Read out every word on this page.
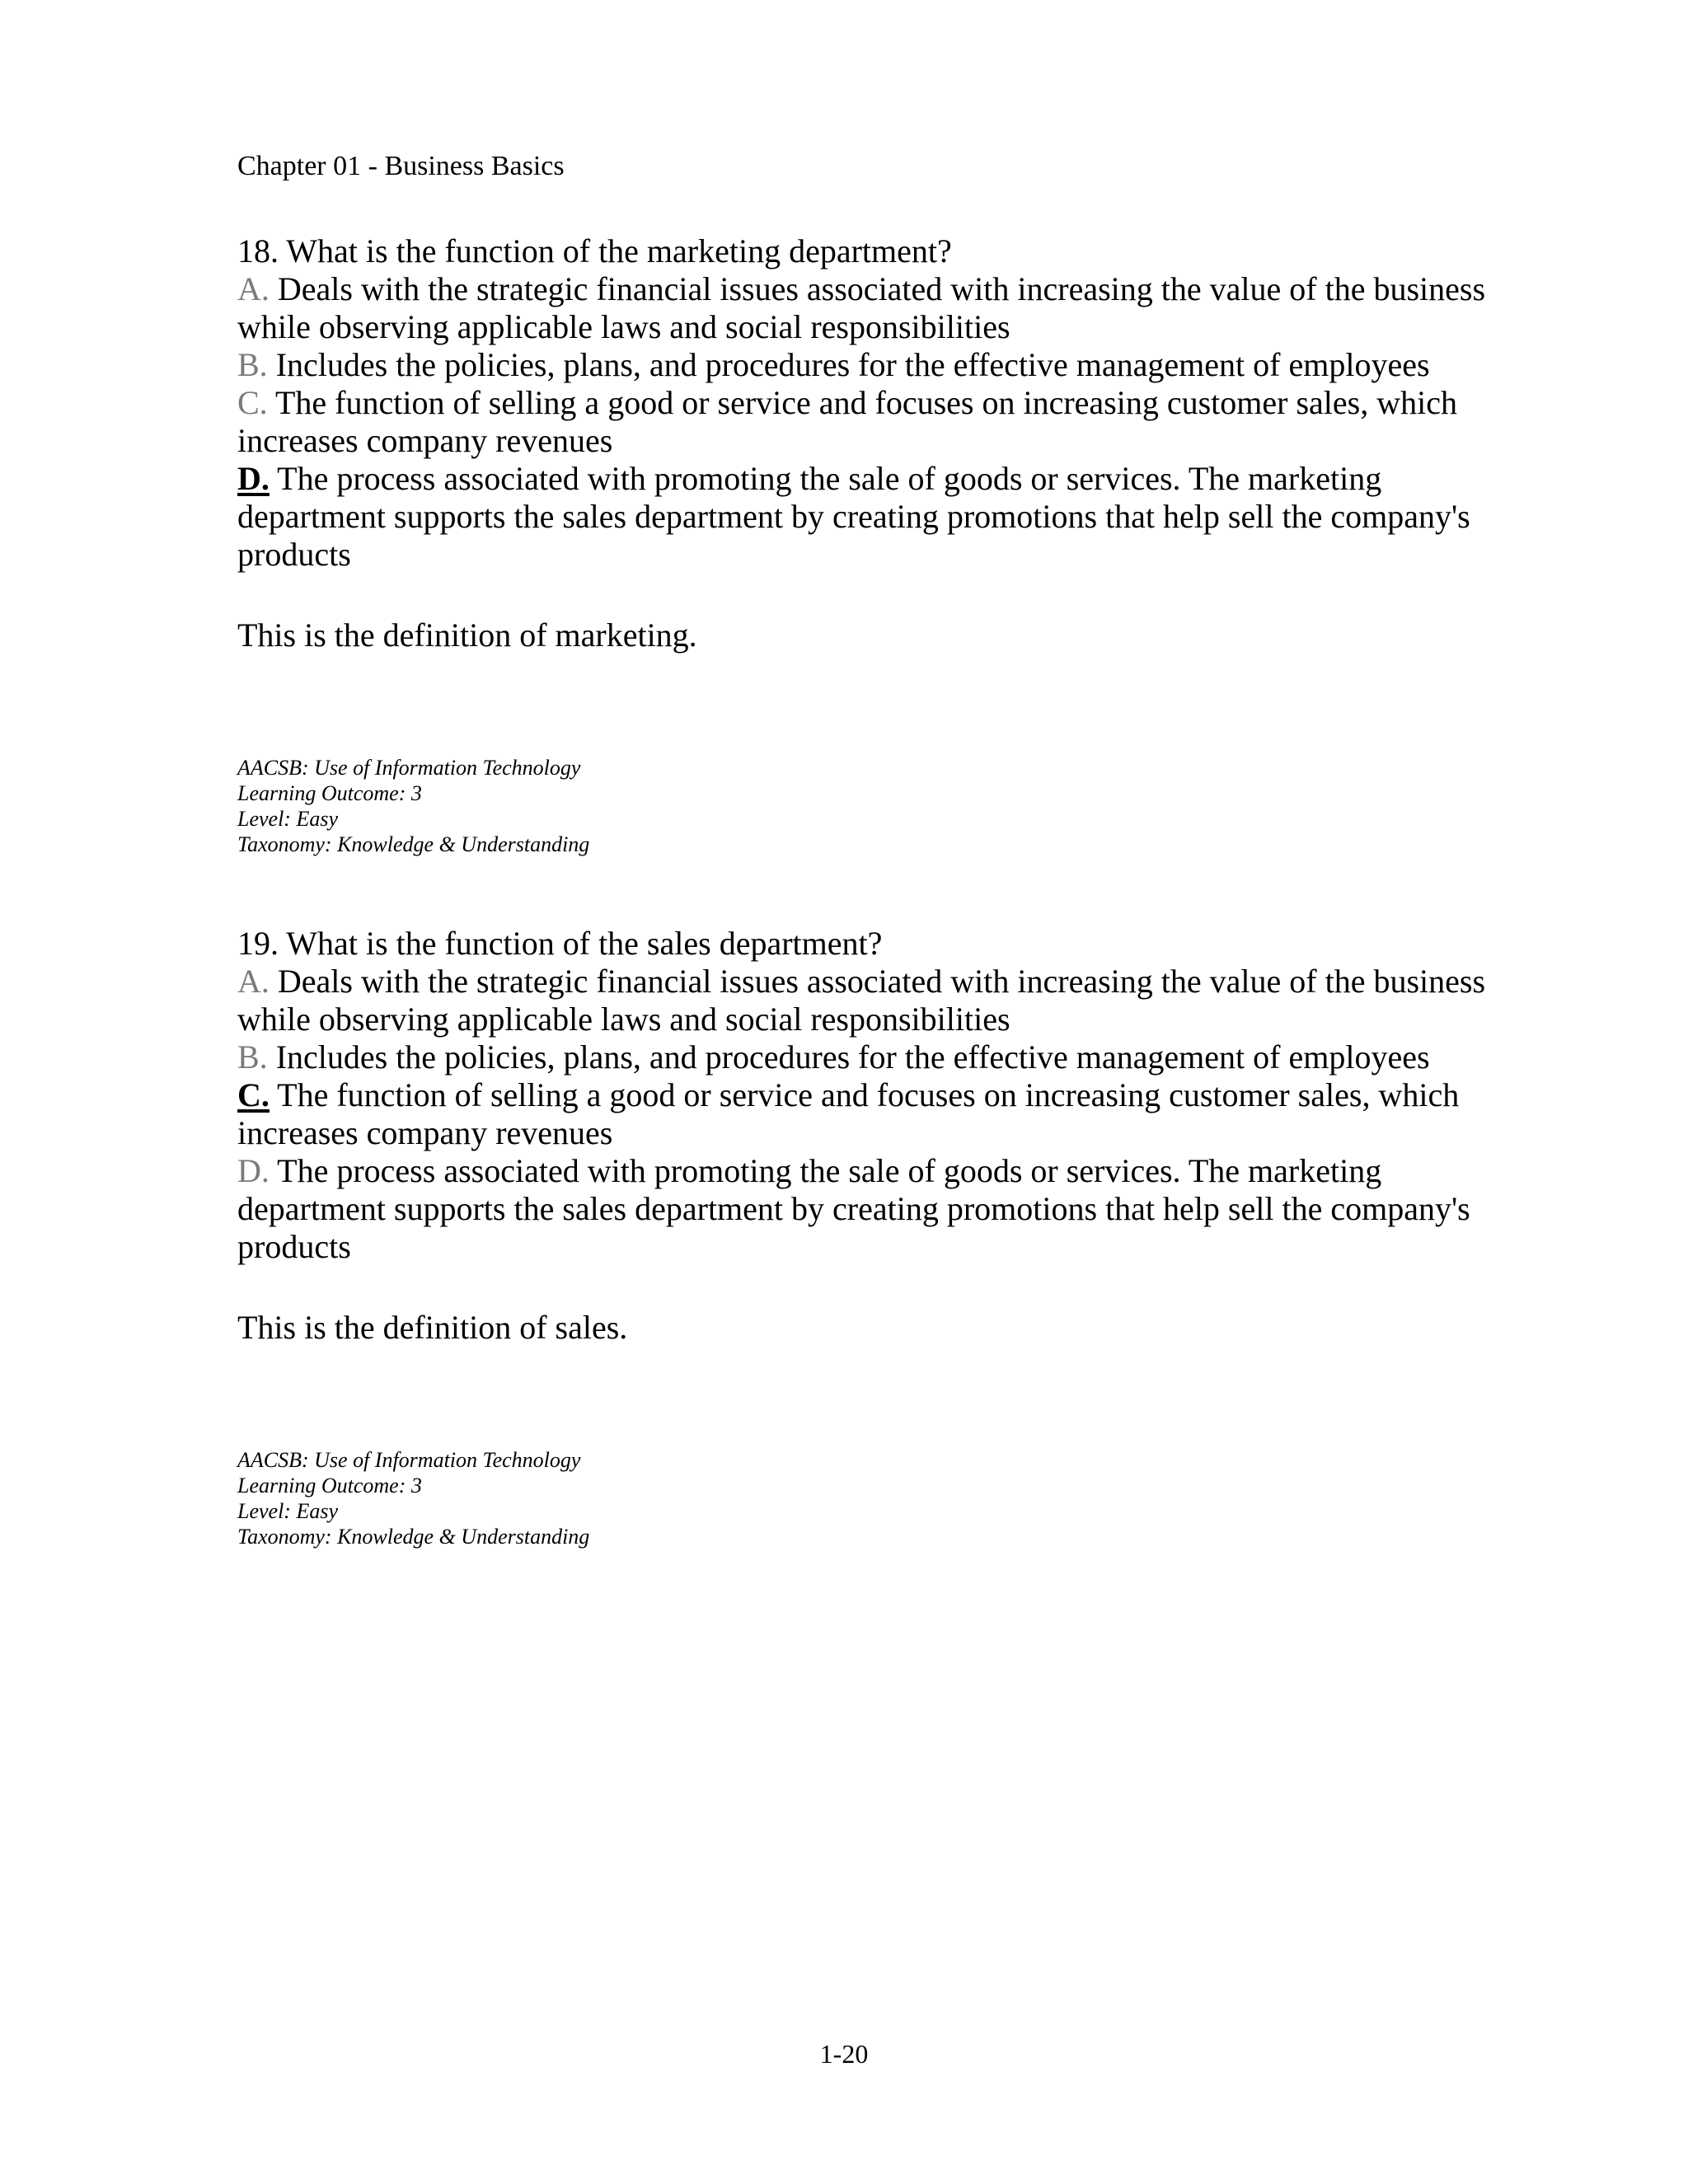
Chapter 01 - Business Basics

18. What is the function of the marketing department?

A. Deals with the strategic financial issues associated with increasing the value of the business while observing applicable laws and social responsibilities

B. Includes the policies, plans, and procedures for the effective management of employees

C. The function of selling a good or service and focuses on increasing customer sales, which increases company revenues

D. The process associated with promoting the sale of goods or services. The marketing department supports the sales department by creating promotions that help sell the company's products

This is the definition of marketing.

AACSB: Use of Information Technology
Learning Outcome: 3
Level: Easy
Taxonomy: Knowledge & Understanding

19. What is the function of the sales department?

A. Deals with the strategic financial issues associated with increasing the value of the business while observing applicable laws and social responsibilities

B. Includes the policies, plans, and procedures for the effective management of employees

C. The function of selling a good or service and focuses on increasing customer sales, which increases company revenues

D. The process associated with promoting the sale of goods or services. The marketing department supports the sales department by creating promotions that help sell the company's products

This is the definition of sales.

AACSB: Use of Information Technology
Learning Outcome: 3
Level: Easy
Taxonomy: Knowledge & Understanding
1-20
